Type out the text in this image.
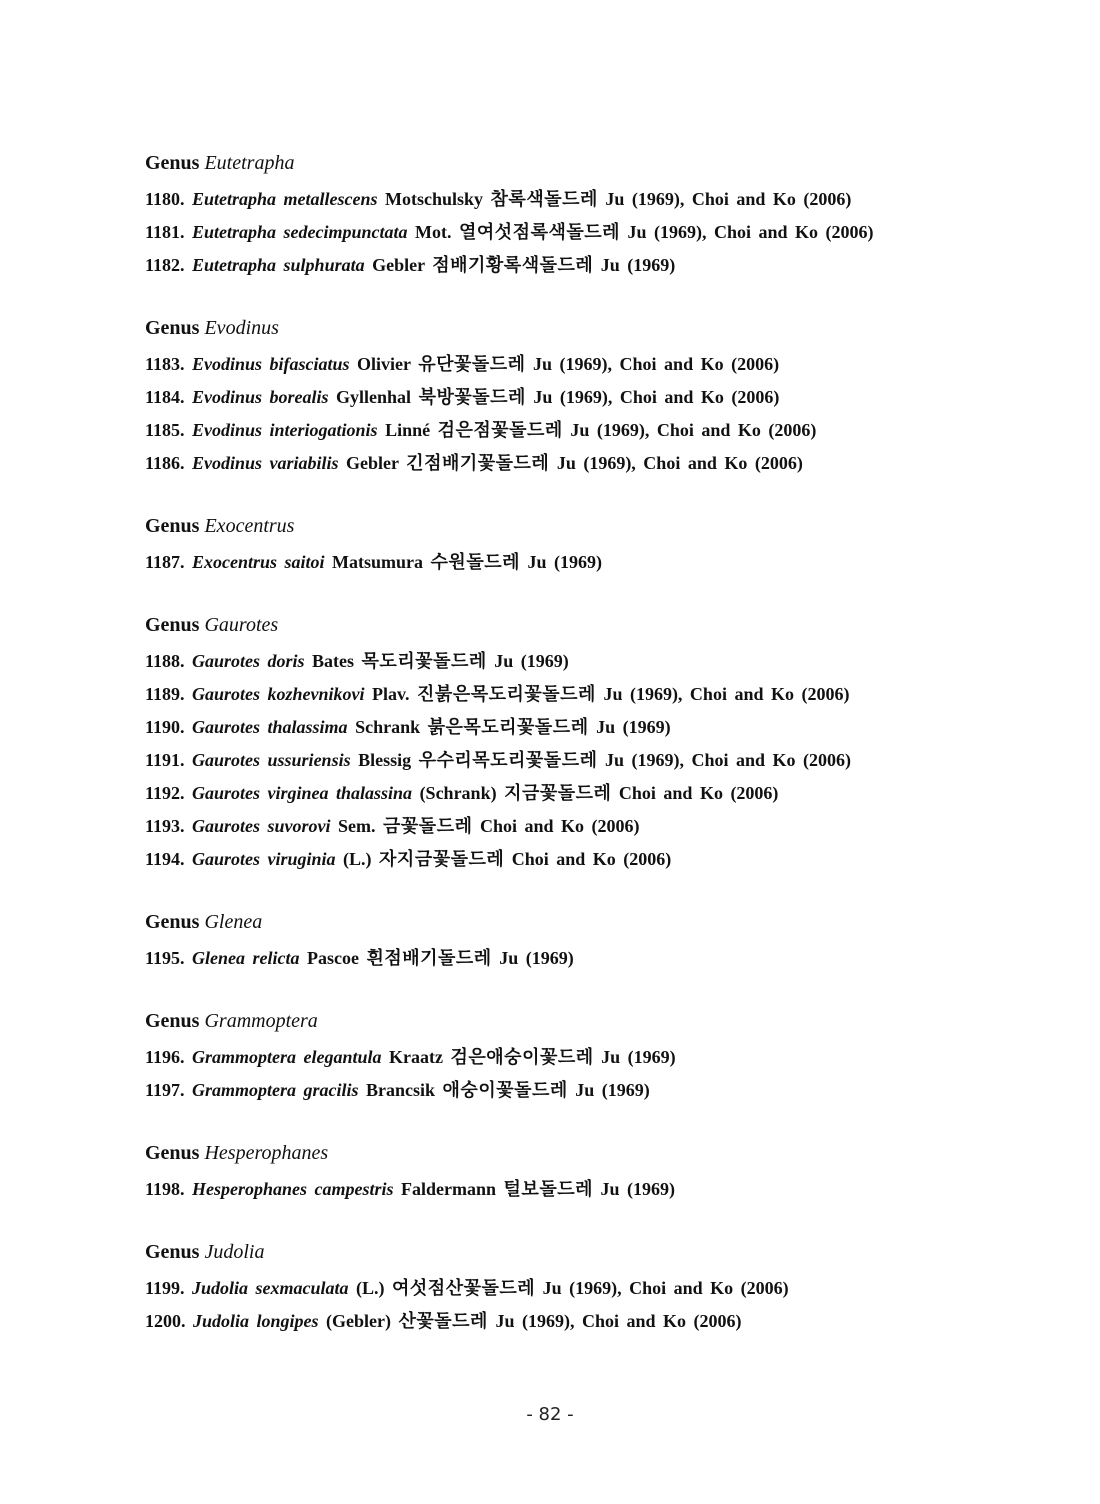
Genus Eutetrapha
1180. Eutetrapha metallescens Motschulsky 참록색돌드레 Ju (1969), Choi and Ko (2006)
1181. Eutetrapha sedecimpunctata Mot. 열여섯점록색돌드레 Ju (1969), Choi and Ko (2006)
1182. Eutetrapha sulphurata Gebler 점배기황록색돌드레 Ju (1969)
Genus Evodinus
1183. Evodinus bifasciatus Olivier 유단꽃돌드레 Ju (1969), Choi and Ko (2006)
1184. Evodinus borealis Gyllenhal 북방꽃돌드레 Ju (1969), Choi and Ko (2006)
1185. Evodinus interiogationis Linné 검은점꽃돌드레 Ju (1969), Choi and Ko (2006)
1186. Evodinus variabilis Gebler 긴점배기꽃돌드레 Ju (1969), Choi and Ko (2006)
Genus Exocentrus
1187. Exocentrus saitoi Matsumura 수원돌드레 Ju (1969)
Genus Gaurotes
1188. Gaurotes doris Bates 목도리꽃돌드레 Ju (1969)
1189. Gaurotes kozhevnikovi Plav. 진붉은목도리꽃돌드레 Ju (1969), Choi and Ko (2006)
1190. Gaurotes thalassima Schrank 붉은목도리꽃돌드레 Ju (1969)
1191. Gaurotes ussuriensis Blessig 우수리목도리꽃돌드레 Ju (1969), Choi and Ko (2006)
1192. Gaurotes virginea thalassina (Schrank) 지금꽃돌드레 Choi and Ko (2006)
1193. Gaurotes suvorovi Sem. 금꽃돌드레 Choi and Ko (2006)
1194. Gaurotes viruginia (L.) 자지금꽃돌드레 Choi and Ko (2006)
Genus Glenea
1195. Glenea relicta Pascoe 흰점배기돌드레 Ju (1969)
Genus Grammoptera
1196. Grammoptera elegantula Kraatz 검은애숭이꽃드레 Ju (1969)
1197. Grammoptera gracilis Brancsik 애숭이꽃돌드레 Ju (1969)
Genus Hesperophanes
1198. Hesperophanes campestris Faldermann 털보돌드레 Ju (1969)
Genus Judolia
1199. Judolia sexmaculata (L.) 여섯점산꽃돌드레 Ju (1969), Choi and Ko (2006)
1200. Judolia longipes (Gebler) 산꽃돌드레 Ju (1969), Choi and Ko (2006)
- 82 -
